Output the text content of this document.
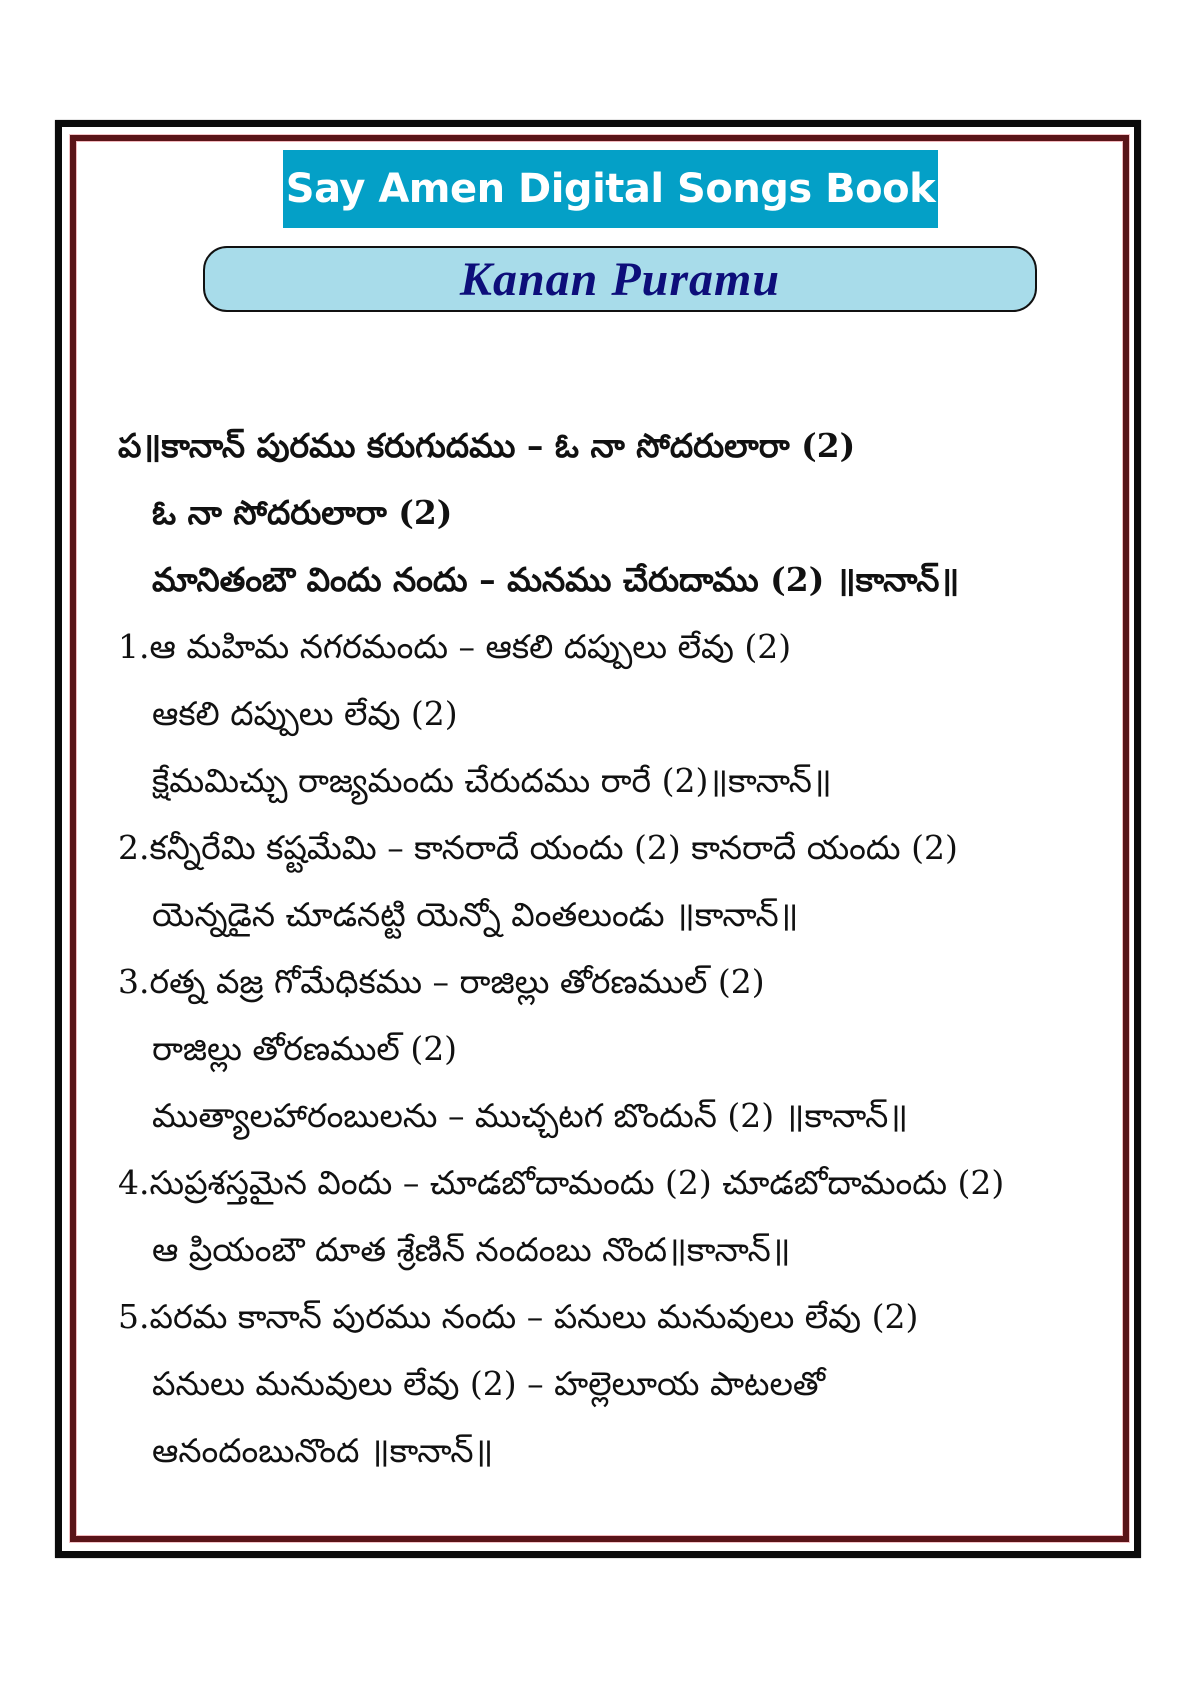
Say Amen Digital Songs Book
Kanan Puramu
ప॥కానాన్ పురము కరుగుదము – ఓ నా సోదరులారా (2)
ఓ నా సోదరులారా (2)
మానితంబౌ విందు నందు – మనము చేరుదాము (2) ॥కానాన్॥
1.ఆ మహిమ నగరమందు – ఆకలి దప్పులు లేవు (2)
ఆకలి దప్పులు లేవు (2)
క్షేమమిచ్చు రాజ్యమందు చేరుదము రారే (2)॥కానాన్॥
2.కన్నీరేమి కష్టమేమి – కానరాదే యందు (2) కానరాదే యందు (2)
యెన్నడైన చూడనట్టి యెన్నో వింతలుండు ॥కానాన్॥
3.రత్న వజ్ర గోమేధికము – రాజిల్లు తోరణముల్ (2)
రాజిల్లు తోరణముల్ (2)
ముత్యాలహారంబులను – ముచ్చటగ బొందున్ (2) ॥కానాన్॥
4.సుప్రశస్తమైన విందు – చూడబోదామందు (2) చూడబోదామందు (2)
ఆ ప్రియంబౌ దూత శ్రేణిన్ నందంబు నొంద॥కానాన్॥
5.పరమ కానాన్ పురము నందు – పనులు మనువులు లేవు (2)
పనులు మనువులు లేవు (2) – హల్లెలూయ పాటలతో
ఆనందంబునొంద ॥కానాన్॥
